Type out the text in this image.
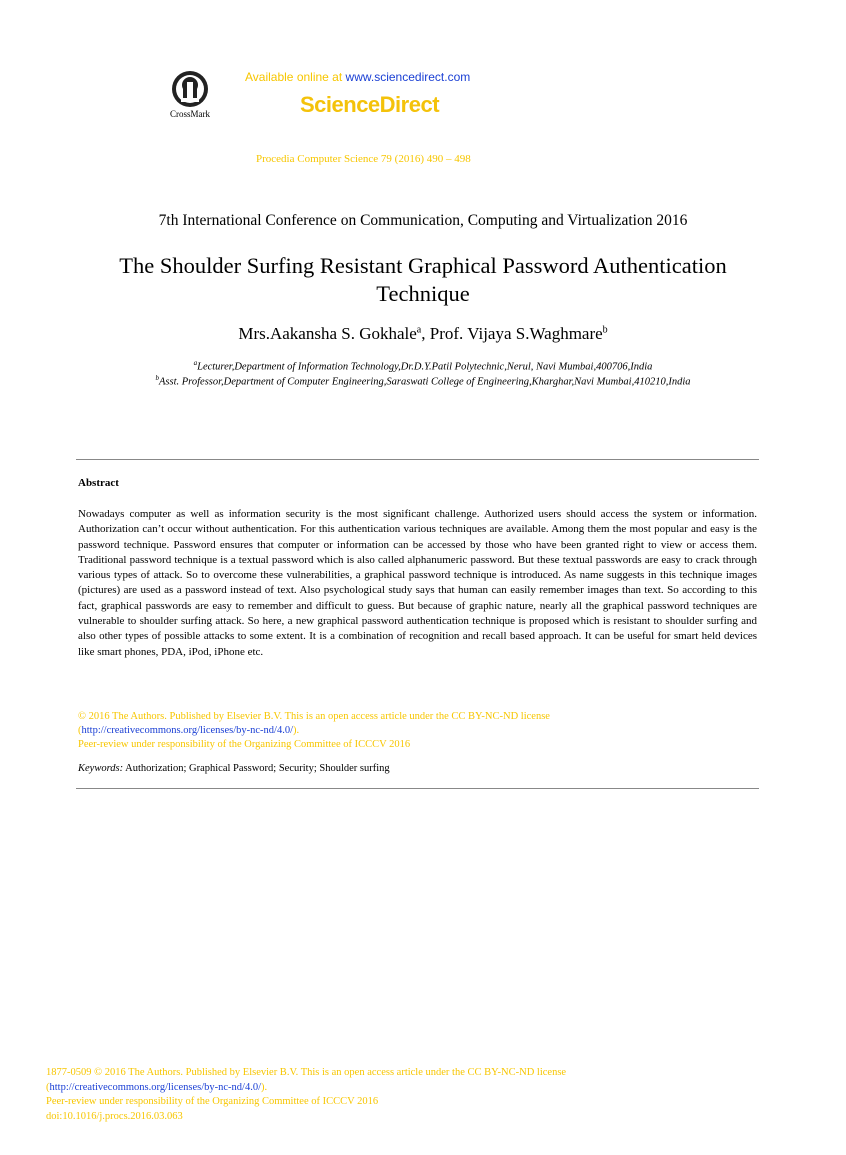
CrossMark
Available online at www.sciencedirect.com
ScienceDirect
Procedia Computer Science 79 (2016) 490 – 498
7th International Conference on Communication, Computing and Virtualization 2016
The Shoulder Surfing Resistant Graphical Password Authentication
Technique
Mrs.Aakansha S. Gokhale$^a$, Prof. Vijaya S.Waghmare$^b$
$^a$Lecturer,Department of Information Technology,Dr.D.Y.Patil Polytechnic,Nerul, Navi Mumbai,400706,India
$^b$Asst. Professor,Department of Computer Engineering,Saraswati College of Engineering,Kharghar,Navi Mumbai,410210,India
Abstract
Nowadays computer as well as information security is the most significant challenge. Authorized users should access the system or information. Authorization can’t occur without authentication. For this authentication various techniques are available. Among them the most popular and easy is the password technique. Password ensures that computer or information can be accessed by those who have been granted right to view or access them. Traditional password technique is a textual password which is also called alphanumeric password. But these textual passwords are easy to crack through various types of attack. So to overcome these vulnerabilities, a graphical password technique is introduced. As name suggests in this technique images (pictures) are used as a password instead of text. Also psychological study says that human can easily remember images than text. So according to this fact, graphical passwords are easy to remember and difficult to guess. But because of graphic nature, nearly all the graphical password techniques are vulnerable to shoulder surfing attack. So here, a new graphical password authentication technique is proposed which is resistant to shoulder surfing and also other types of possible attacks to some extent. It is a combination of recognition and recall based approach. It can be useful for smart held devices like smart phones, PDA, iPod, iPhone etc.
© 2016 The Authors. Published by Elsevier B.V. This is an open access article under the CC BY-NC-ND license
(http://creativecommons.org/licenses/by-nc-nd/4.0/).
Peer-review under responsibility of the Organizing Committee of ICCCV 2016
Keywords: Authorization; Graphical Password; Security; Shoulder surfing
1877-0509 © 2016 The Authors. Published by Elsevier B.V. This is an open access article under the CC BY-NC-ND license
(http://creativecommons.org/licenses/by-nc-nd/4.0/).
Peer-review under responsibility of the Organizing Committee of ICCCV 2016
doi:10.1016/j.procs.2016.03.063
